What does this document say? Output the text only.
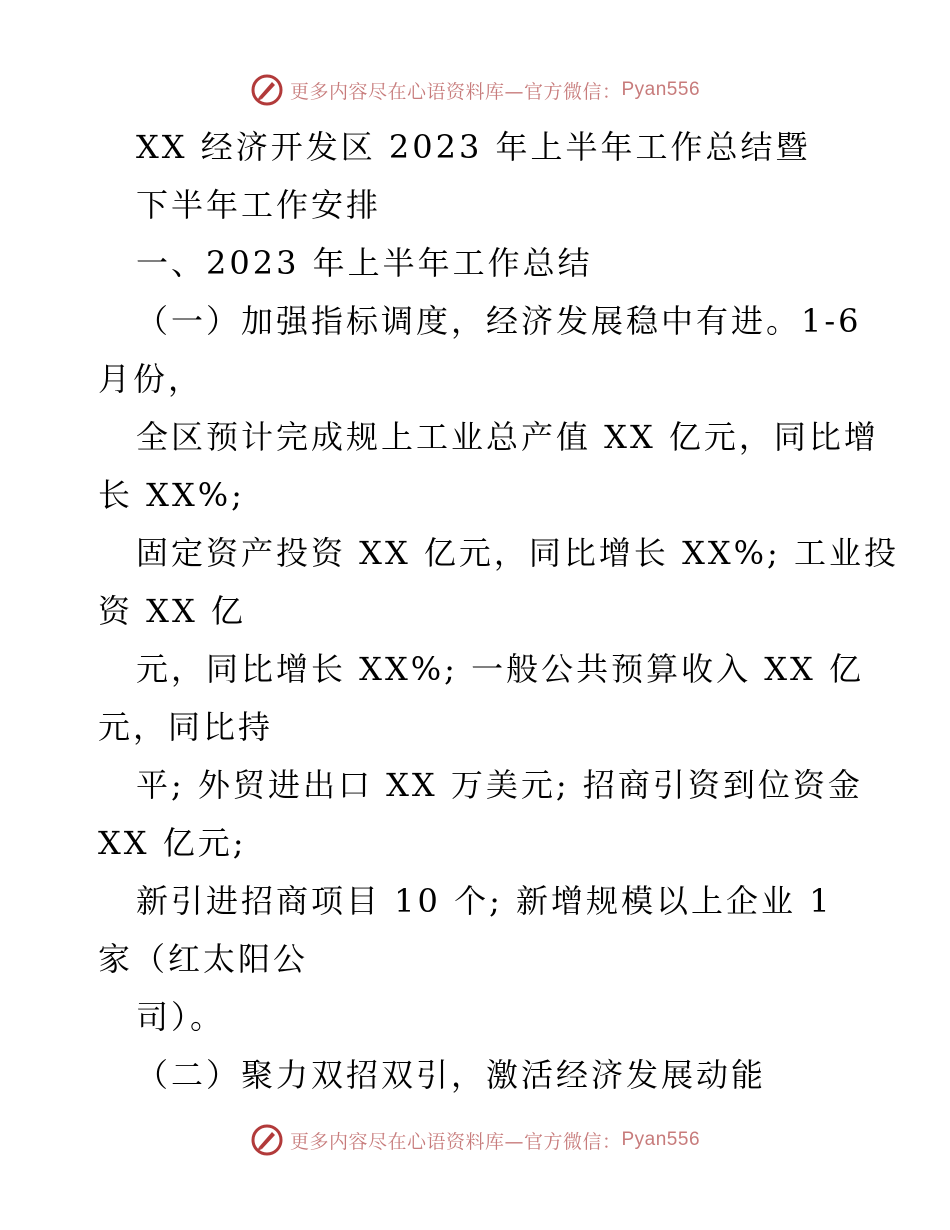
更多内容尽在心语资料库—官方微信： Pyan556
XX 经济开发区 2023 年上半年工作总结暨
下半年工作安排
一、2023 年上半年工作总结
（一）加强指标调度，经济发展稳中有进。1-6
月份，
全区预计完成规上工业总产值 XX 亿元，同比增
长 XX%;
固定资产投资 XX 亿元，同比增长 XX%; 工业投
资 XX 亿
元，同比增长 XX%; 一般公共预算收入 XX 亿
元，同比持
平; 外贸进出口 XX 万美元; 招商引资到位资金
XX 亿元;
新引进招商项目 10 个; 新增规模以上企业 1
家（红太阳公
司）。
（二）聚力双招双引，激活经济发展动能
更多内容尽在心语资料库—官方微信： Pyan556
